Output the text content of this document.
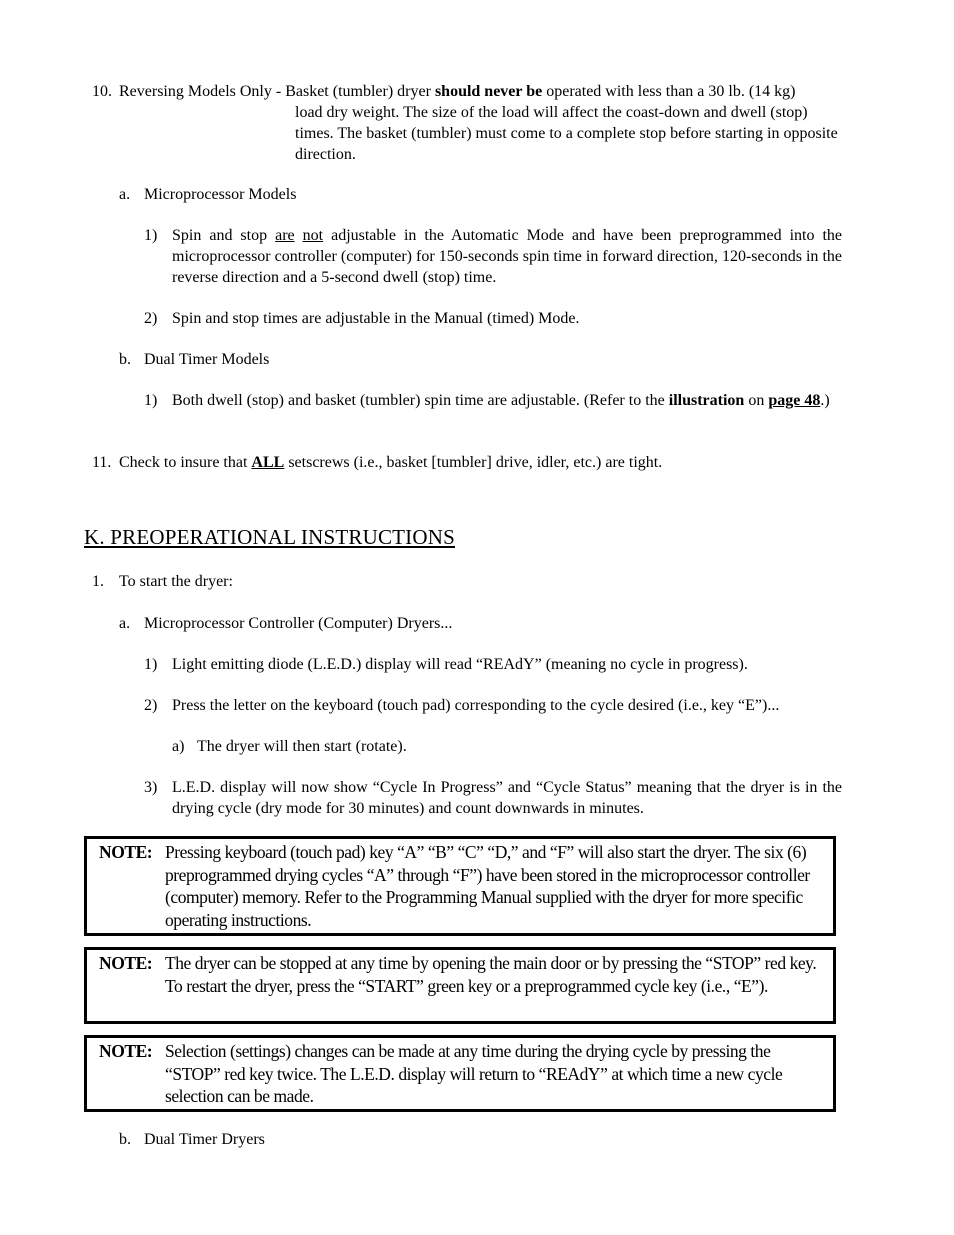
10. Reversing Models Only - Basket (tumbler) dryer should never be operated with less than a 30 lb. (14 kg)
load dry weight. The size of the load will affect the coast-down and dwell (stop) times. The basket (tumbler) must come to a complete stop before starting in opposite direction.
a. Microprocessor Models
1) Spin and stop are not adjustable in the Automatic Mode and have been preprogrammed into the microprocessor controller (computer) for 150-seconds spin time in forward direction, 120-seconds in the reverse direction and a 5-second dwell (stop) time.
2) Spin and stop times are adjustable in the Manual (timed) Mode.
b. Dual Timer Models
1) Both dwell (stop) and basket (tumbler) spin time are adjustable. (Refer to the illustration on page 48.)
11. Check to insure that ALL setscrews (i.e., basket [tumbler] drive, idler, etc.) are tight.
K. PREOPERATIONAL INSTRUCTIONS
1. To start the dryer:
a. Microprocessor Controller (Computer) Dryers...
1) Light emitting diode (L.E.D.) display will read “REAdY” (meaning no cycle in progress).
2) Press the letter on the keyboard (touch pad) corresponding to the cycle desired (i.e., key “E”)...
a) The dryer will then start (rotate).
3) L.E.D. display will now show “Cycle In Progress” and “Cycle Status” meaning that the dryer is in the drying cycle (dry mode for 30 minutes) and count downwards in minutes.
NOTE: Pressing keyboard (touch pad) key “A” “B” “C” “D,” and “F” will also start the dryer. The six (6) preprogrammed drying cycles “A” through “F”) have been stored in the microprocessor controller (computer) memory. Refer to the Programming Manual supplied with the dryer for more specific operating instructions.
NOTE: The dryer can be stopped at any time by opening the main door or by pressing the “STOP” red key. To restart the dryer, press the “START” green key or a preprogrammed cycle key (i.e., “E”).
NOTE: Selection (settings) changes can be made at any time during the drying cycle by pressing the “STOP” red key twice. The L.E.D. display will return to “REAdY” at which time a new cycle selection can be made.
b. Dual Timer Dryers
